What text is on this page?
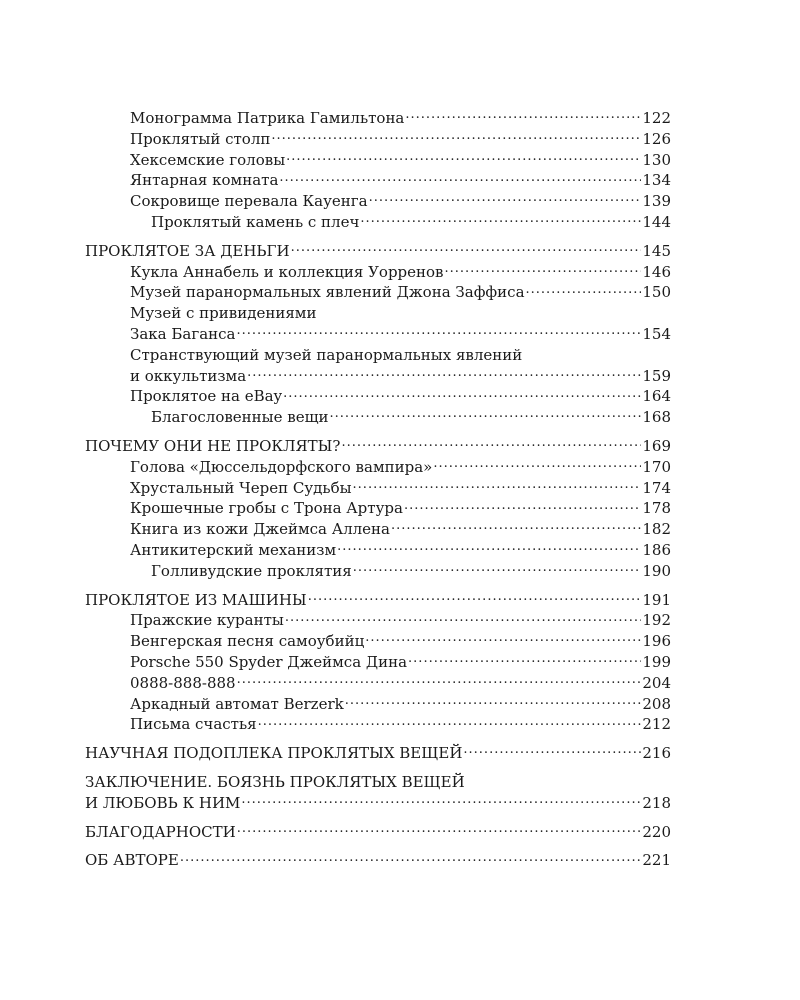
Монограмма Патрика Гамильтона .....	122
Проклятый столп .....	126
Хексемские головы .....	130
Янтарная комната .....	134
Сокровище перевала Кауенга .....	139
Проклятый камень с плеч .....	144
ПРОКЛЯТОЕ ЗА ДЕНЬГИ .....	145
Кукла Аннабель и коллекция Уорренов .....	146
Музей паранормальных явлений Джона Заффиса .....	150
Музей с привидениями
Зака Баганса .....	154
Странствующий музей паранормальных явлений
и оккультизма .....	159
Проклятое на eBay .....	164
Благословенные вещи .....	168
ПОЧЕМУ ОНИ НЕ ПРОКЛЯТЫ? .....	169
Голова «Дюссельдорфского вампира» .....	170
Хрустальный Череп Судьбы .....	174
Крошечные гробы с Трона Артура .....	178
Книга из кожи Джеймса Аллена .....	182
Антикитерский механизм .....	186
Голливудские проклятия .....	190
ПРОКЛЯТОЕ ИЗ МАШИНЫ .....	191
Пражские куранты .....	192
Венгерская песня самоубийц .....	196
Porsche 550 Spyder Джеймса Дина .....	199
0888-888-888 .....	204
Аркадный автомат Berzerk .....	208
Письма счастья .....	212
НАУЧНАЯ ПОДОПЛЕКА ПРОКЛЯТЫХ ВЕЩЕЙ .....	216
ЗАКЛЮЧЕНИЕ. БОЯЗНЬ ПРОКЛЯТЫХ ВЕЩЕЙ
И ЛЮБОВЬ К НИМ .....	218
БЛАГОДАРНОСТИ .....	220
ОБ АВТОРЕ .....	221
